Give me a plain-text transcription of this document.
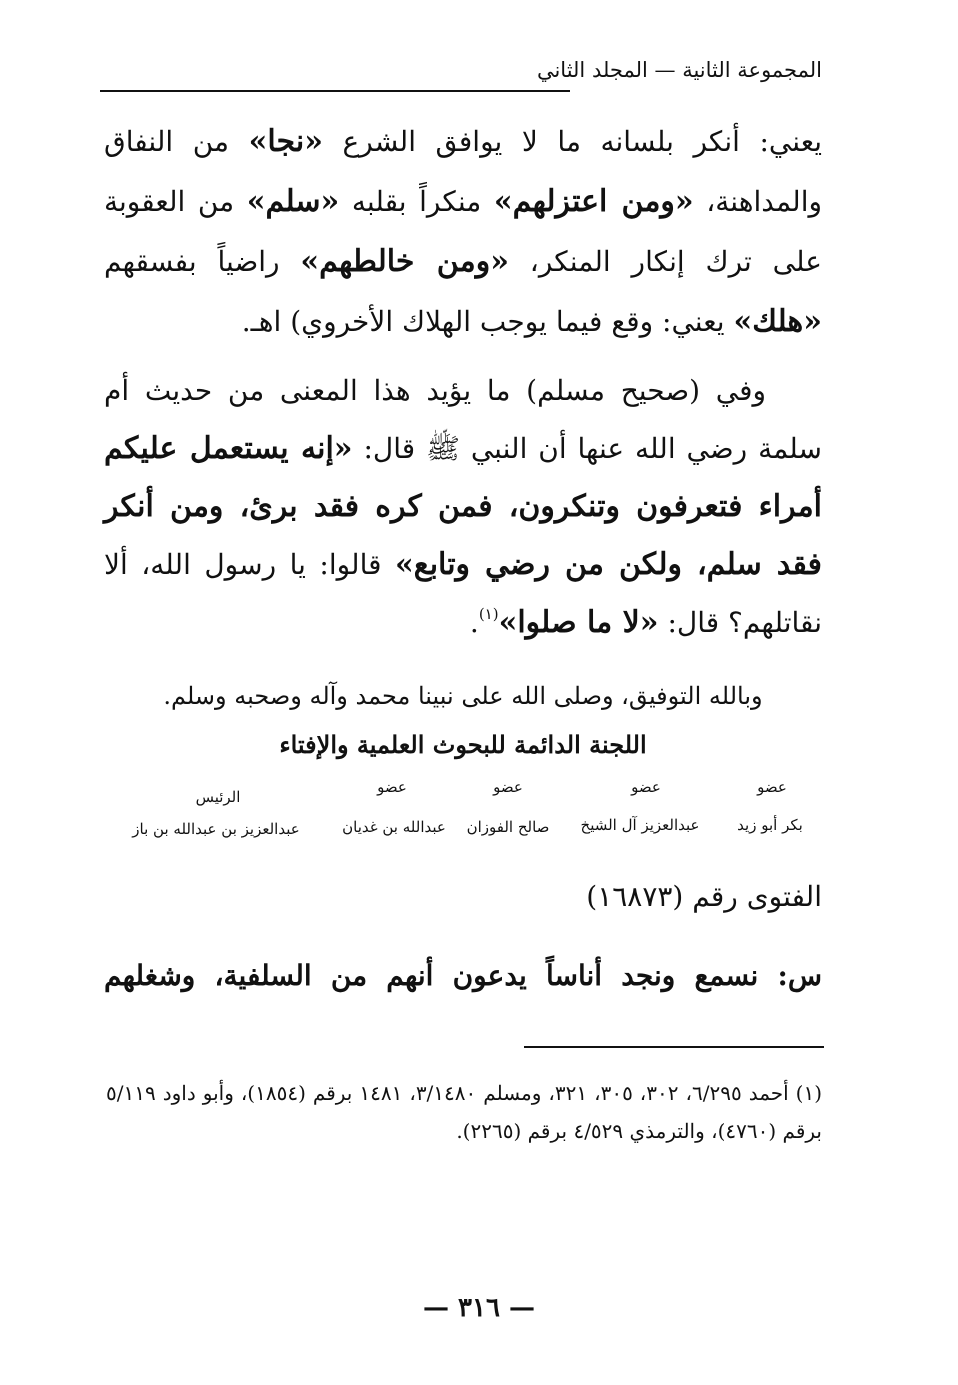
المجموعة الثانية — المجلد الثاني

يعني: أنكر بلسانه ما لا يوافق الشرع «نجا» من النفاق والمداهنة، «ومن اعتزلهم» منكراً بقلبه «سلم» من العقوبة على ترك إنكار المنكر، «ومن خالطهم» راضياً بفسقهم «هلك» يعني: وقع فيما يوجب الهلاك الأخروي) اهـ.

وفي (صحيح مسلم) ما يؤيد هذا المعنى من حديث أم سلمة رضي الله عنها أن النبي ﷺ قال: «إنه يستعمل عليكم أمراء فتعرفون وتنكرون، فمن كره فقد برئ، ومن أنكر فقد سلم، ولكن من رضي وتابع» قالوا: يا رسول الله، ألا نقاتلهم؟ قال: «لا ما صلوا»$^{(١)}$.

وبالله التوفيق، وصلى الله على نبينا محمد وآله وصحبه وسلم.
اللجنة الدائمة للبحوث العلمية والإفتاء
عضو
عضو
عضو
عضو
الرئيس
بكر أبو زيد
عبدالعزيز آل الشيخ
صالح الفوزان
عبدالله بن غديان
عبدالعزيز بن عبدالله بن باز
الفتوى رقم (١٦٨٧٣)
س: نسمع ونجد أناساً يدعون أنهم من السلفية، وشغلهم
(١) أحمد ٦/٢٩٥، ٣٠٢، ٣٠٥، ٣٢١، ومسلم ٣/١٤٨٠، ١٤٨١ برقم (١٨٥٤)، وأبو داود ٥/١١٩ برقم (٤٧٦٠)، والترمذي ٤/٥٢٩ برقم (٢٢٦٥).
— ٣١٦ —
